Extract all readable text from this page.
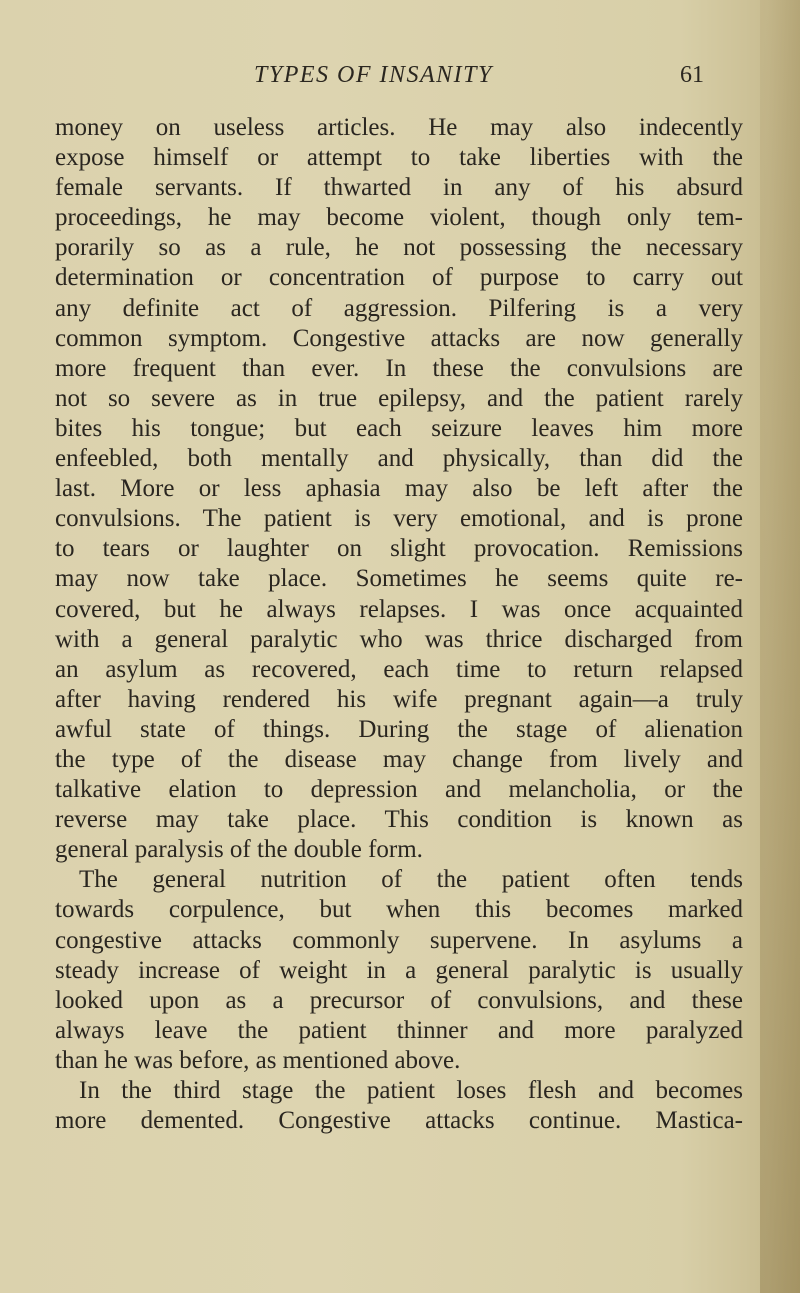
TYPES OF INSANITY	61
money on useless articles. He may also indecently
expose himself or attempt to take liberties with the
female servants. If thwarted in any of his absurd
proceedings, he may become violent, though only tem-
porarily so as a rule, he not possessing the necessary
determination or concentration of purpose to carry out
any definite act of aggression. Pilfering is a very
common symptom. Congestive attacks are now generally
more frequent than ever. In these the convulsions are
not so severe as in true epilepsy, and the patient rarely
bites his tongue; but each seizure leaves him more
enfeebled, both mentally and physically, than did the
last. More or less aphasia may also be left after the
convulsions. The patient is very emotional, and is prone
to tears or laughter on slight provocation. Remissions
may now take place. Sometimes he seems quite re-
covered, but he always relapses. I was once acquainted
with a general paralytic who was thrice discharged from
an asylum as recovered, each time to return relapsed
after having rendered his wife pregnant again—a truly
awful state of things. During the stage of alienation
the type of the disease may change from lively and
talkative elation to depression and melancholia, or the
reverse may take place. This condition is known as
general paralysis of the double form.
The general nutrition of the patient often tends
towards corpulence, but when this becomes marked
congestive attacks commonly supervene. In asylums a
steady increase of weight in a general paralytic is usually
looked upon as a precursor of convulsions, and these
always leave the patient thinner and more paralyzed
than he was before, as mentioned above.
In the third stage the patient loses flesh and becomes
more demented. Congestive attacks continue. Mastica-
